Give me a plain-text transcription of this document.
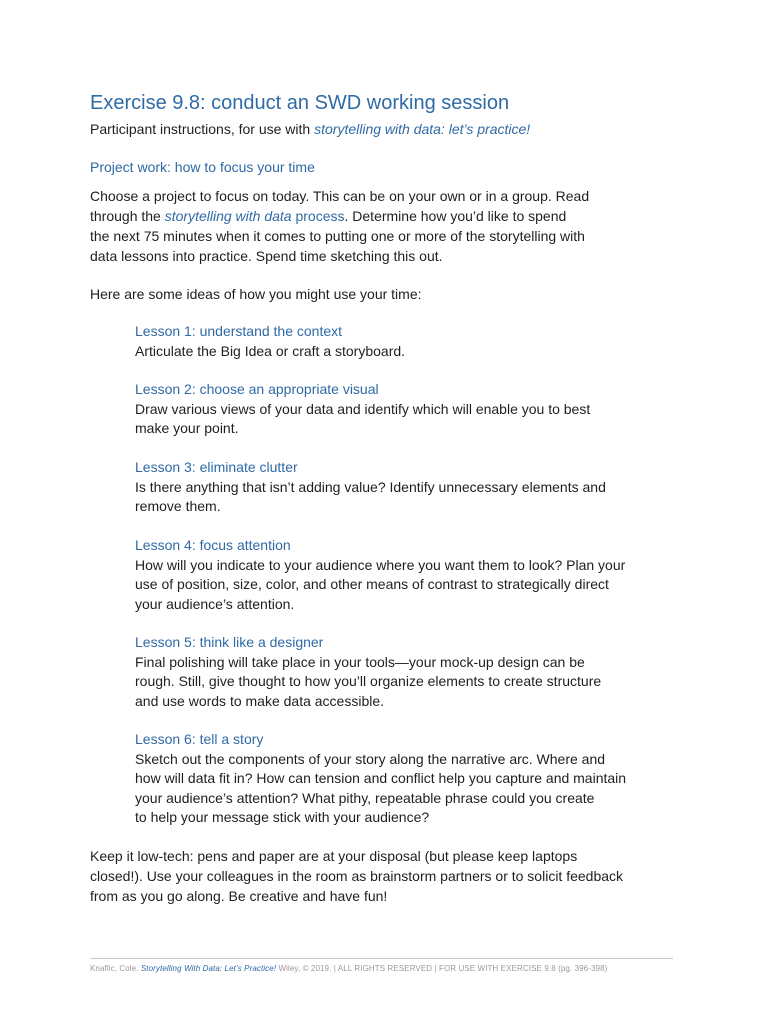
Exercise 9.8: conduct an SWD working session
Participant instructions, for use with storytelling with data: let’s practice!
Project work: how to focus your time
Choose a project to focus on today. This can be on your own or in a group. Read
through the storytelling with data process. Determine how you’d like to spend
the next 75 minutes when it comes to putting one or more of the storytelling with
data lessons into practice. Spend time sketching this out.
Here are some ideas of how you might use your time:
Lesson 1: understand the context
Articulate the Big Idea or craft a storyboard.
Lesson 2: choose an appropriate visual
Draw various views of your data and identify which will enable you to best
make your point.
Lesson 3: eliminate clutter
Is there anything that isn’t adding value? Identify unnecessary elements and
remove them.
Lesson 4: focus attention
How will you indicate to your audience where you want them to look? Plan your
use of position, size, color, and other means of contrast to strategically direct
your audience’s attention.
Lesson 5: think like a designer
Final polishing will take place in your tools—your mock-up design can be
rough. Still, give thought to how you’ll organize elements to create structure
and use words to make data accessible.
Lesson 6: tell a story
Sketch out the components of your story along the narrative arc. Where and
how will data fit in? How can tension and conflict help you capture and maintain
your audience’s attention? What pithy, repeatable phrase could you create
to help your message stick with your audience?
Keep it low-tech: pens and paper are at your disposal (but please keep laptops
closed!). Use your colleagues in the room as brainstorm partners or to solicit feedback
from as you go along. Be creative and have fun!
Knaflic, Cole. Storytelling With Data: Let’s Practice! Wiley, © 2019. | ALL RIGHTS RESERVED | FOR USE WITH EXERCISE 9.8 (pg. 396-398)
